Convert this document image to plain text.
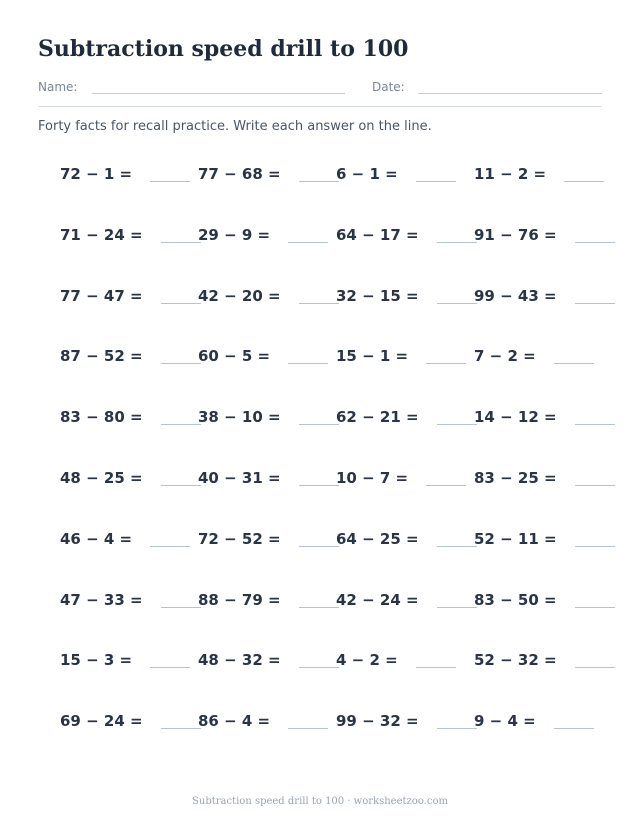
Subtraction speed drill to 100
Name:	Date:
Forty facts for recall practice. Write each answer on the line.
72 − 1 =	77 − 68 =	6 − 1 =	11 − 2 =
71 − 24 =	29 − 9 =	64 − 17 =	91 − 76 =
77 − 47 =	42 − 20 =	32 − 15 =	99 − 43 =
87 − 52 =	60 − 5 =	15 − 1 =	7 − 2 =
83 − 80 =	38 − 10 =	62 − 21 =	14 − 12 =
48 − 25 =	40 − 31 =	10 − 7 =	83 − 25 =
46 − 4 =	72 − 52 =	64 − 25 =	52 − 11 =
47 − 33 =	88 − 79 =	42 − 24 =	83 − 50 =
15 − 3 =	48 − 32 =	4 − 2 =	52 − 32 =
69 − 24 =	86 − 4 =	99 − 32 =	9 − 4 =
Subtraction speed drill to 100 · worksheetzoo.com
